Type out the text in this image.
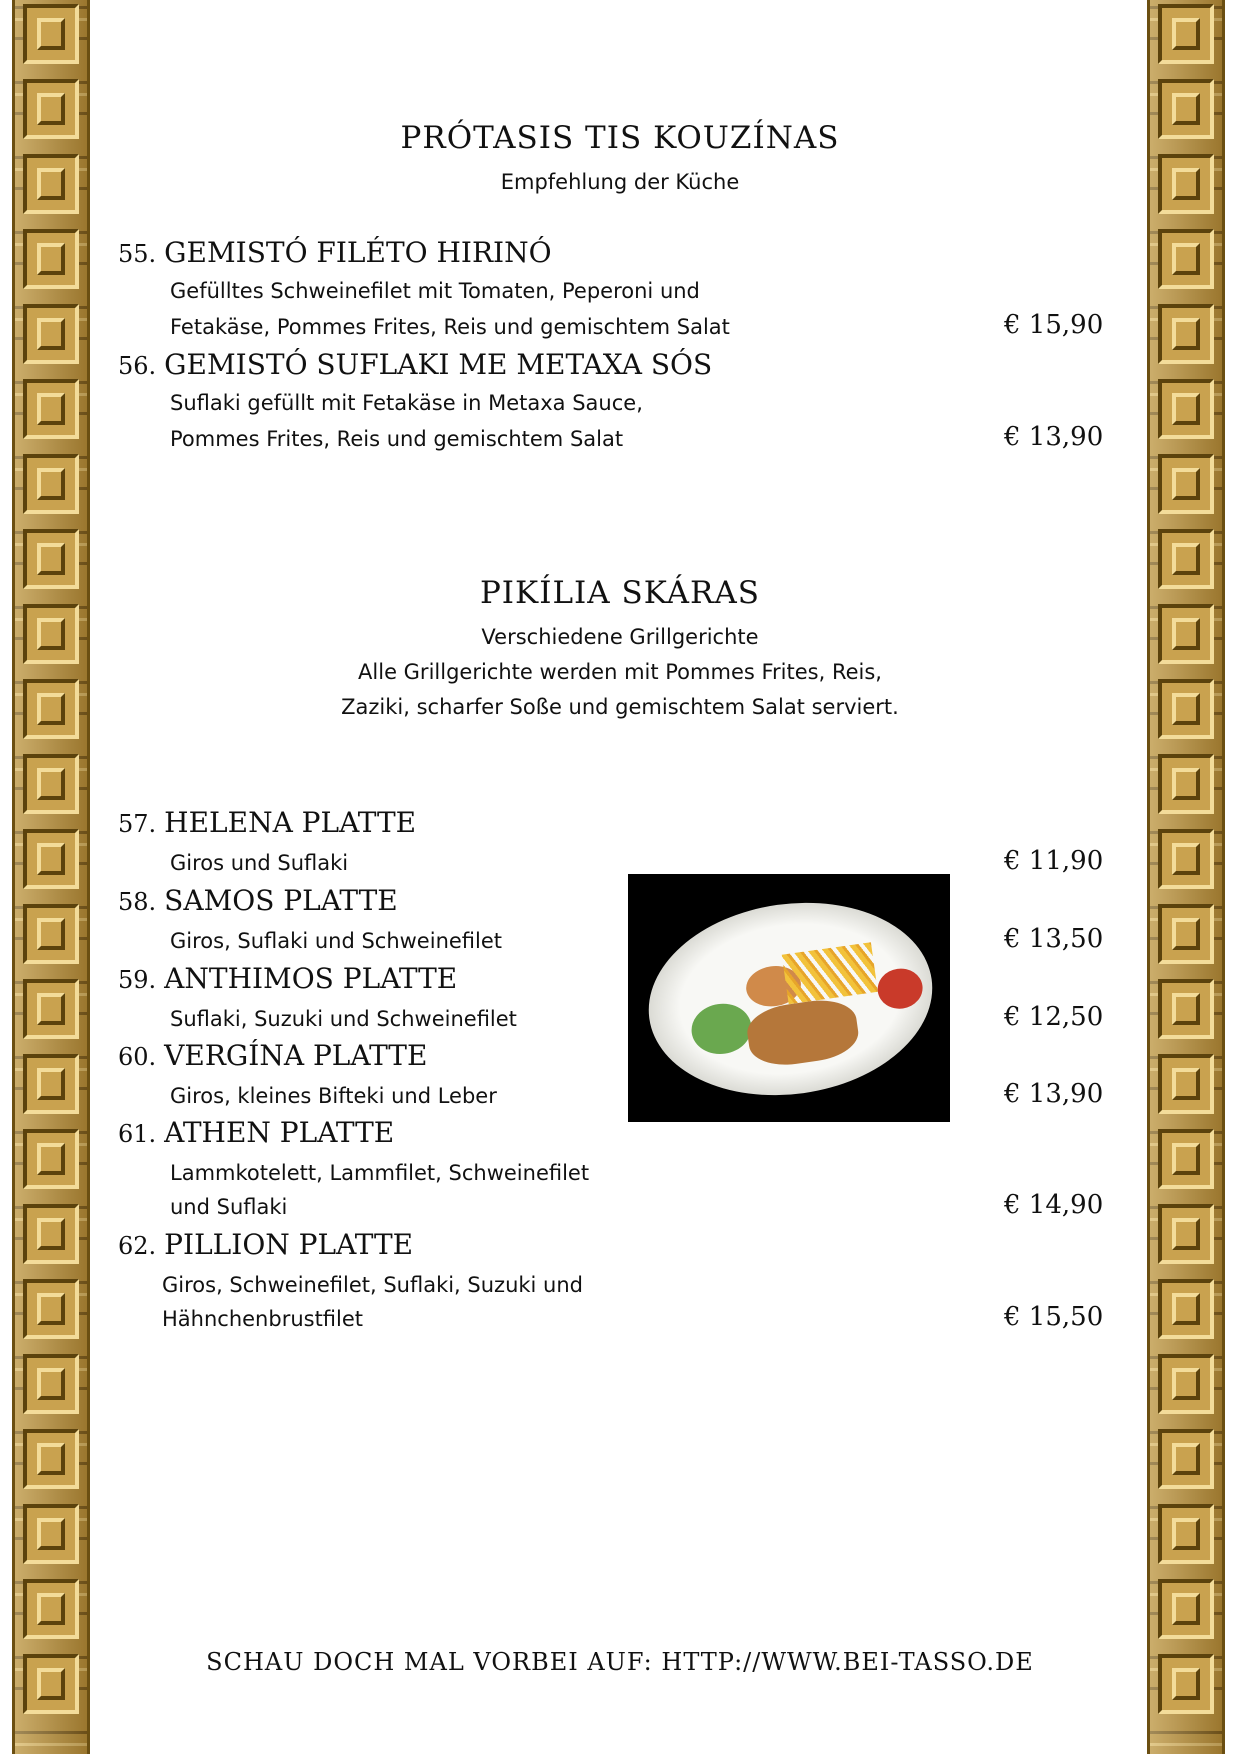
PRÓTASIS TIS KOUZÍNAS
Empfehlung der Küche
55. GEMISTÓ FILÉTO HIRINÓ
Gefülltes Schweinefilet mit Tomaten, Peperoni und
Fetakäse, Pommes Frites, Reis und gemischtem Salat	€ 15,90
56. GEMISTÓ SUFLAKI ME METAXA SÓS
Suflaki gefüllt mit Fetakäse in Metaxa Sauce,
Pommes Frites, Reis und gemischtem Salat	€ 13,90
PIKÍLIA SKÁRAS
Verschiedene Grillgerichte
Alle Grillgerichte werden mit Pommes Frites, Reis,
Zaziki, scharfer Soße und gemischtem Salat serviert.
57. HELENA PLATTE
Giros und Suflaki	€ 11,90
58. SAMOS PLATTE
Giros, Suflaki und Schweinefilet	€ 13,50
59. ANTHIMOS PLATTE
Suflaki, Suzuki und Schweinefilet	€ 12,50
60. VERGÍNA PLATTE
Giros, kleines Bifteki und Leber	€ 13,90
61. ATHEN PLATTE
Lammkotelett, Lammfilet, Schweinefilet
und Suflaki	€ 14,90
62. PILLION PLATTE
Giros, Schweinefilet, Suflaki, Suzuki und
Hähnchenbrustfilet	€ 15,50
SCHAU DOCH MAL VORBEI AUF: HTTP://WWW.BEI-TASSO.DE
